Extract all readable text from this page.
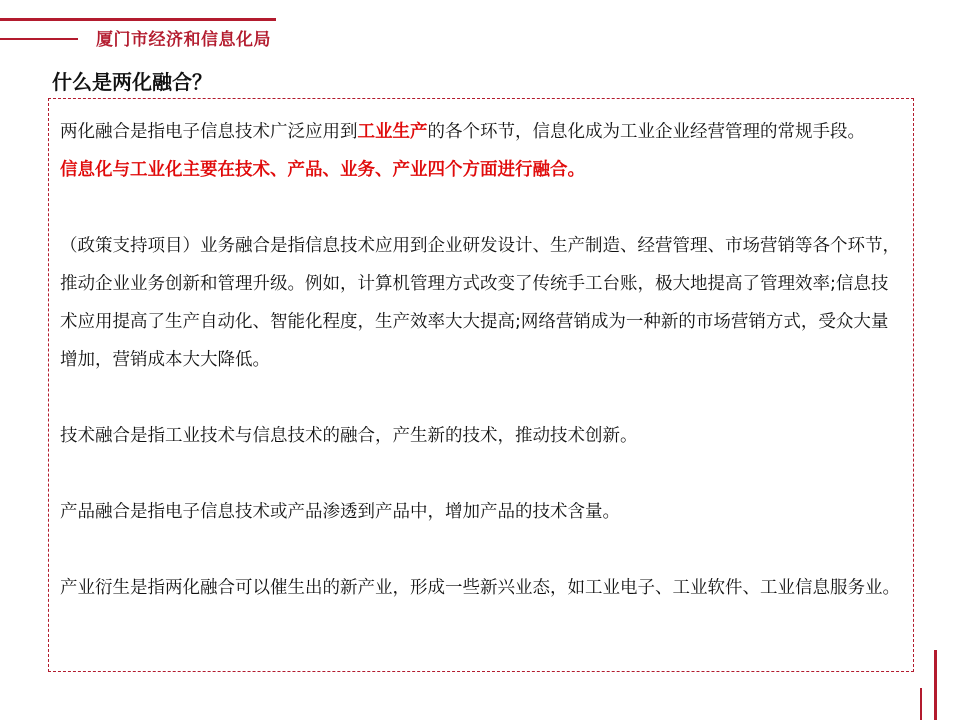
厦门市经济和信息化局
什么是两化融合？

两化融合是指电子信息技术广泛应用到工业生产的各个环节，信息化成为工业企业经营管理的常规手段。

信息化与工业化主要在技术、产品、业务、产业四个方面进行融合。

（政策支持项目）业务融合是指信息技术应用到企业研发设计、生产制造、经营管理、市场营销等各个环节，推动企业业务创新和管理升级。例如，计算机管理方式改变了传统手工台账，极大地提高了管理效率;信息技术应用提高了生产自动化、智能化程度，生产效率大大提高;网络营销成为一种新的市场营销方式，受众大量增加，营销成本大大降低。

技术融合是指工业技术与信息技术的融合，产生新的技术，推动技术创新。

产品融合是指电子信息技术或产品渗透到产品中，增加产品的技术含量。

产业衍生是指两化融合可以催生出的新产业，形成一些新兴业态，如工业电子、工业软件、工业信息服务业。
